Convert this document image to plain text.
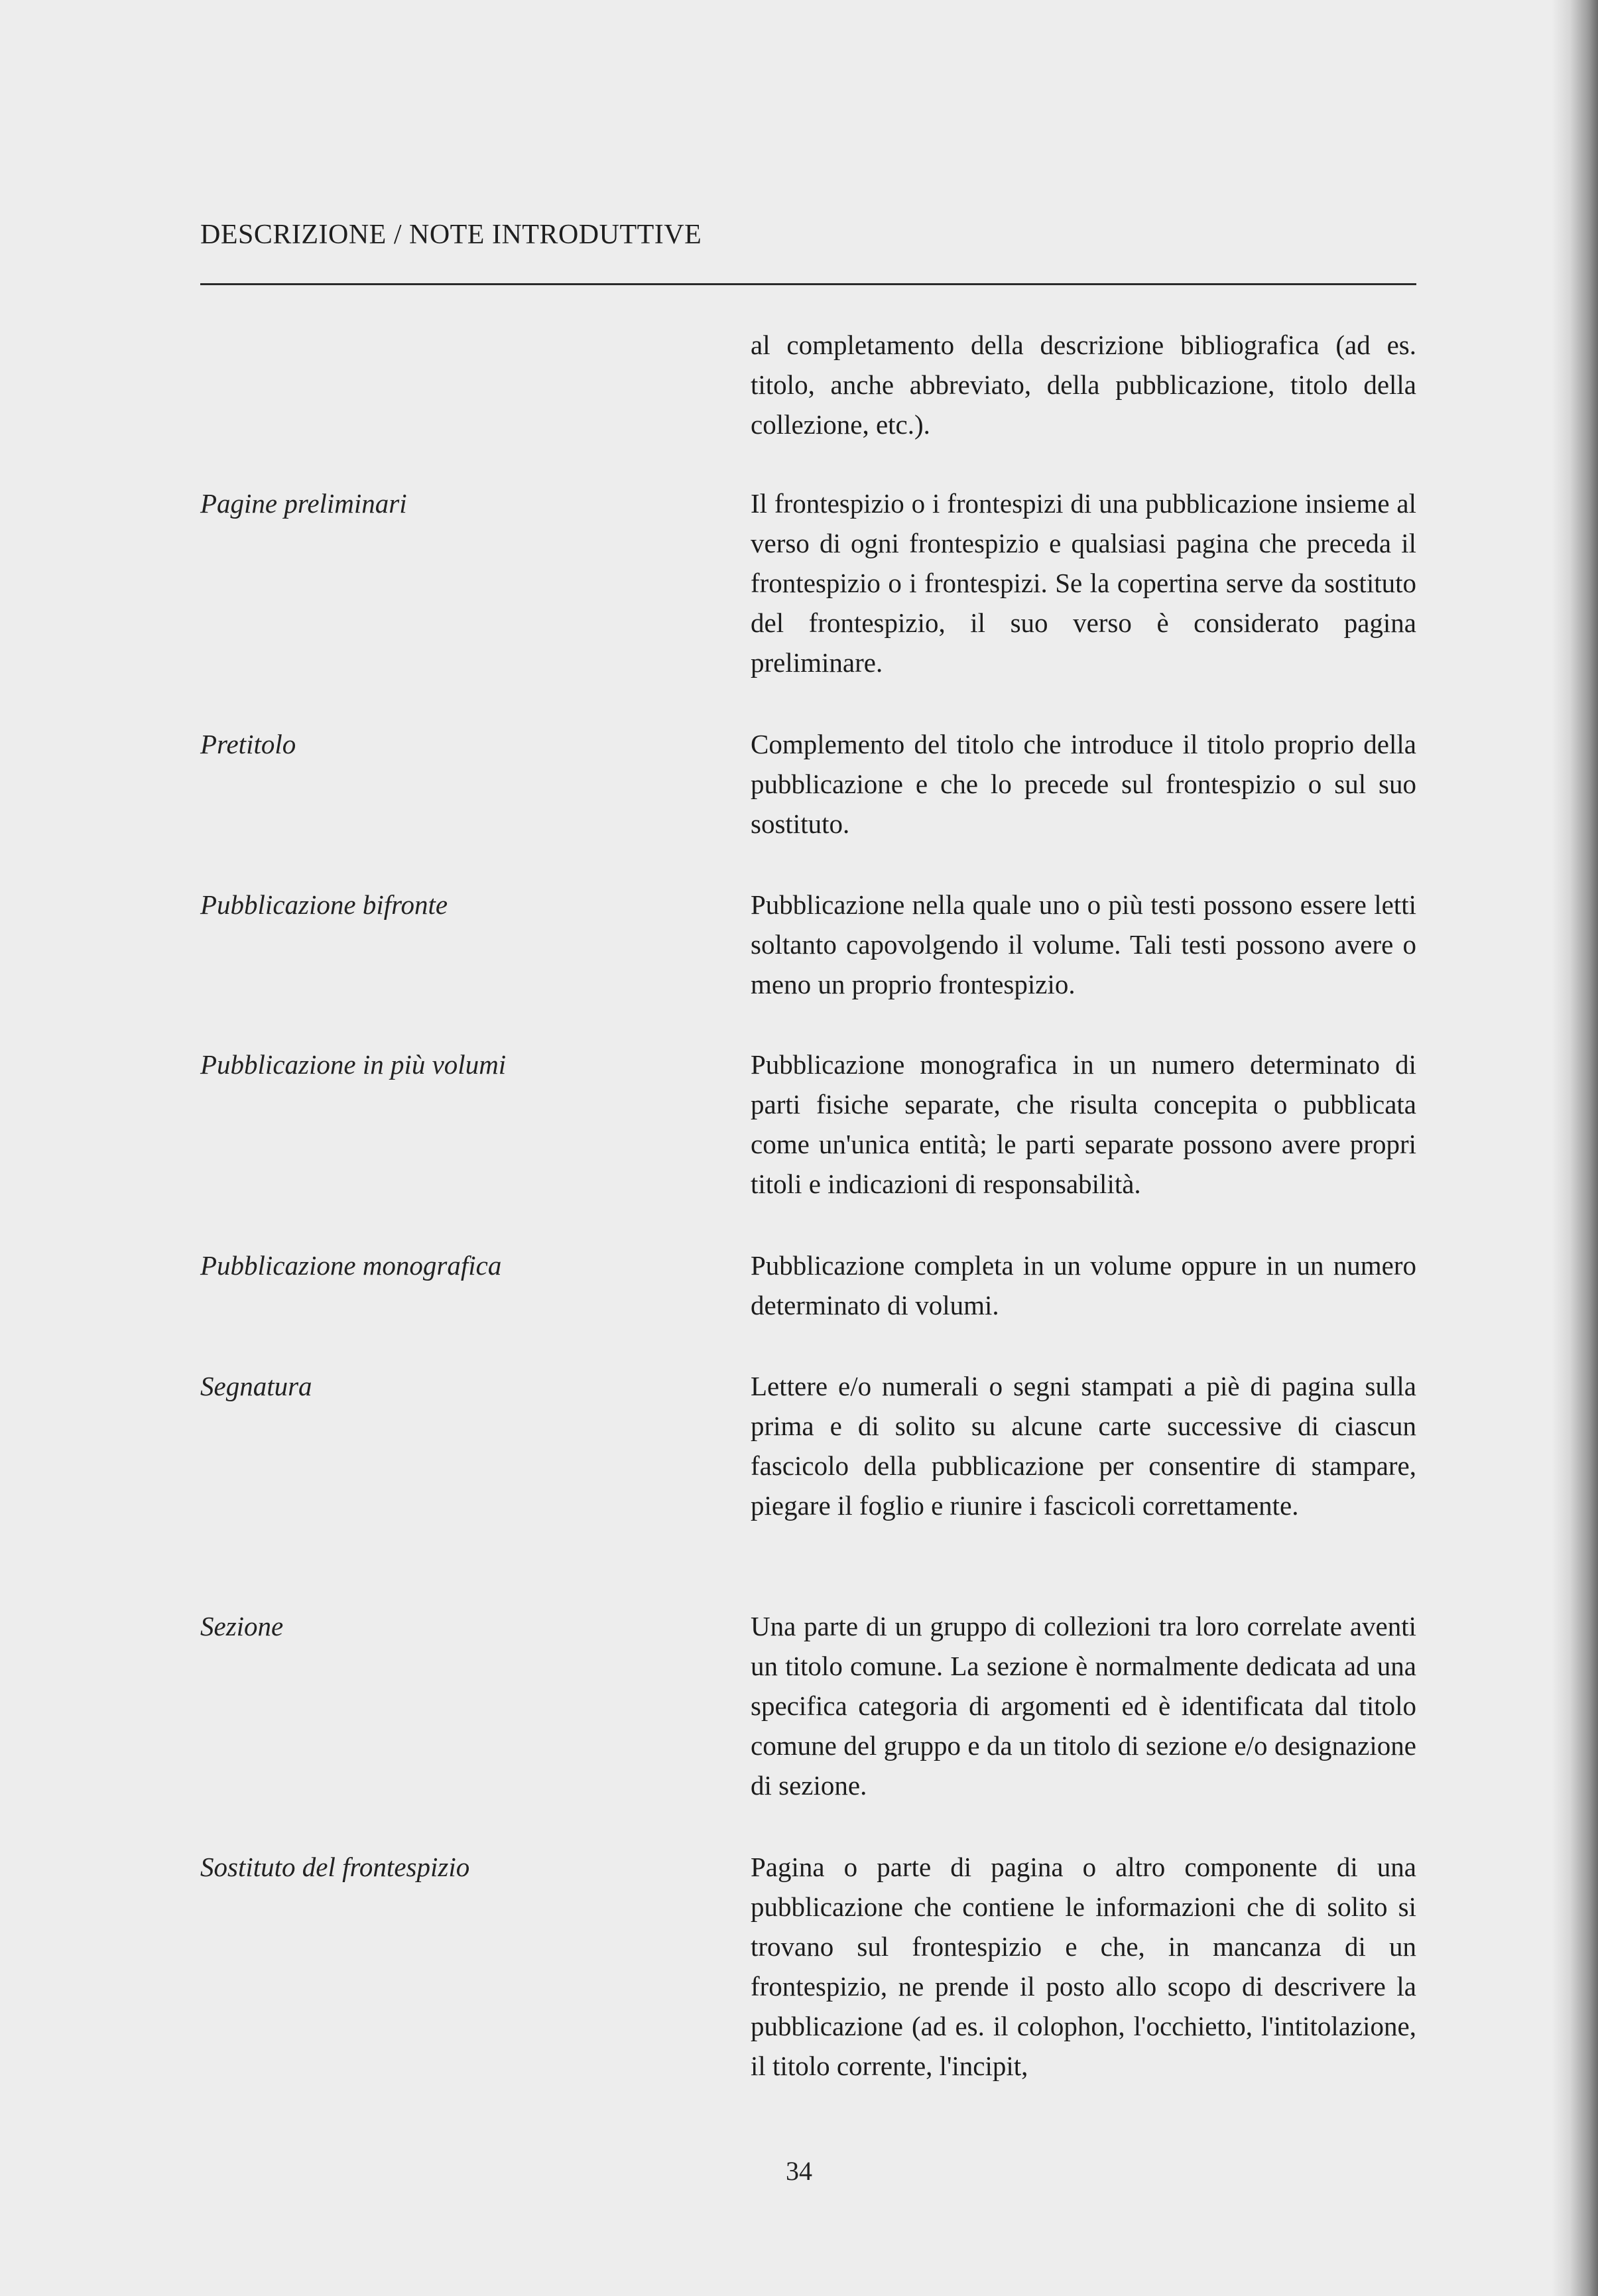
DESCRIZIONE / NOTE INTRODUTTIVE
al completamento della descrizione bibliografica (ad es. titolo, anche abbreviato, della pubblicazione, titolo della collezione, etc.).
Pagine preliminari	Il frontespizio o i frontespizi di una pubblicazione insieme al verso di ogni frontespizio e qualsiasi pagina che preceda il frontespizio o i frontespizi. Se la copertina serve da sostituto del frontespizio, il suo verso è considerato pagina preliminare.
Pretitolo	Complemento del titolo che introduce il titolo proprio della pubblicazione e che lo precede sul frontespizio o sul suo sostituto.
Pubblicazione bifronte	Pubblicazione nella quale uno o più testi possono essere letti soltanto capovolgendo il volume. Tali testi possono avere o meno un proprio frontespizio.
Pubblicazione in più volumi	Pubblicazione monografica in un numero determinato di parti fisiche separate, che risulta concepita o pubblicata come un'unica entità; le parti separate possono avere propri titoli e indicazioni di responsabilità.
Pubblicazione monografica	Pubblicazione completa in un volume oppure in un numero determinato di volumi.
Segnatura	Lettere e/o numerali o segni stampati a piè di pagina sulla prima e di solito su alcune carte successive di ciascun fascicolo della pubblicazione per consentire di stampare, piegare il foglio e riunire i fascicoli correttamente.
Sezione	Una parte di un gruppo di collezioni tra loro correlate aventi un titolo comune. La sezione è normalmente dedicata ad una specifica categoria di argomenti ed è identificata dal titolo comune del gruppo e da un titolo di sezione e/o designazione di sezione.
Sostituto del frontespizio	Pagina o parte di pagina o altro componente di una pubblicazione che contiene le informazioni che di solito si trovano sul frontespizio e che, in mancanza di un frontespizio, ne prende il posto allo scopo di descrivere la pubblicazione (ad es. il colophon, l'occhietto, l'intitolazione, il titolo corrente, l'incipit,
34
